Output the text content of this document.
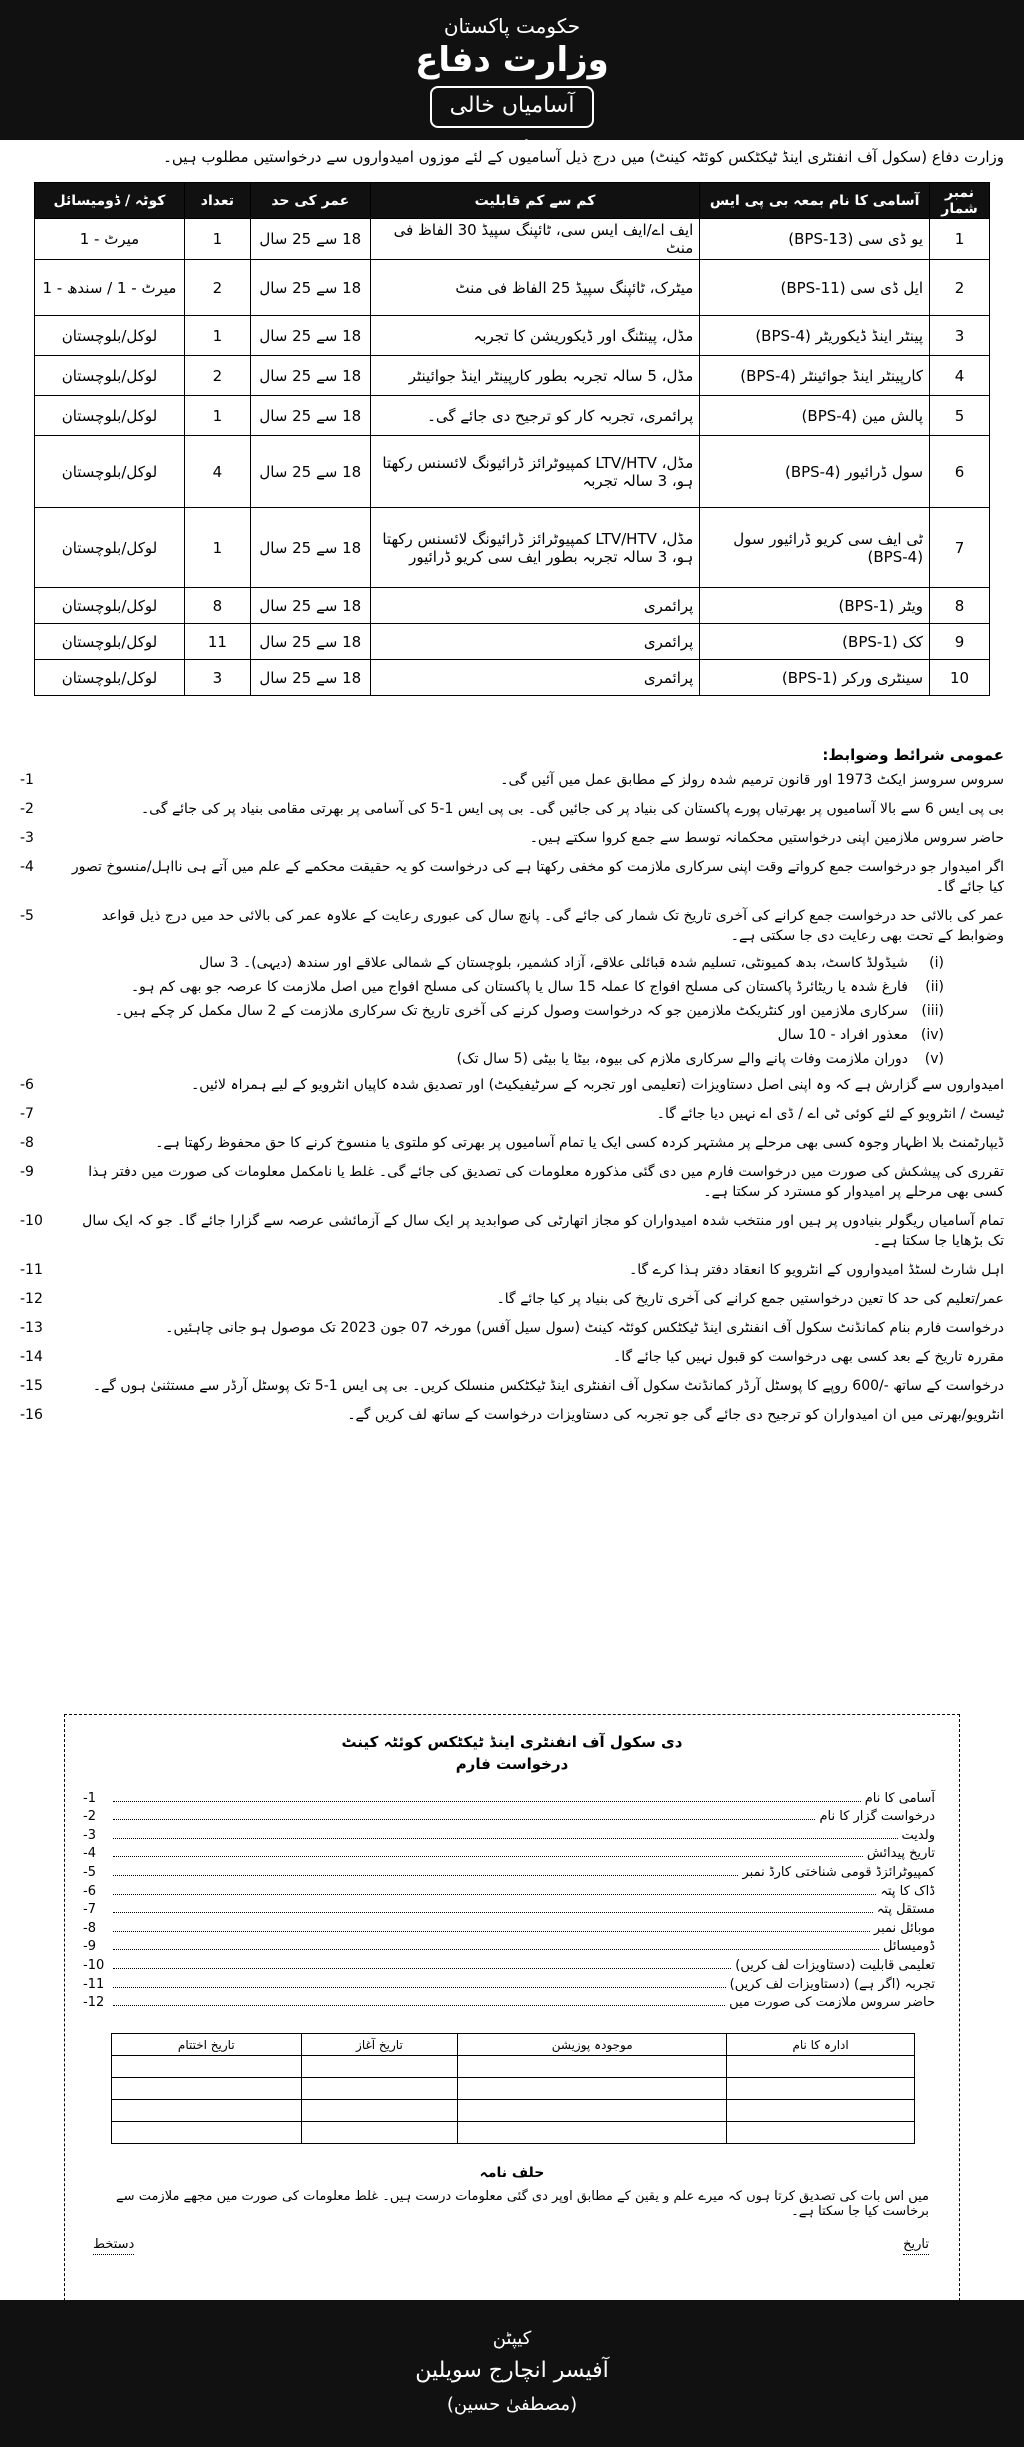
حکومت پاکستان
وزارت دفاع
آسامیاں خالی ہیں
وزارت دفاع (سکول آف انفنٹری اینڈ ٹیکٹکس کوئٹہ کینٹ) میں درج ذیل آسامیوں کے لئے موزوں امیدواروں سے درخواستیں مطلوب ہیں۔
نمبر شمار	آسامی کا نام بمعہ بی پی ایس	کم سے کم قابلیت	عمر کی حد	تعداد	کوٹہ / ڈومیسائل
1	یو ڈی سی (BPS-13)	ایف اے/ایف ایس سی، ٹائپنگ سپیڈ 30 الفاظ فی منٹ	18 سے 25 سال	1	میرٹ - 1
2	ایل ڈی سی (BPS-11)	میٹرک، ٹائپنگ سپیڈ 25 الفاظ فی منٹ	18 سے 25 سال	2	میرٹ - 1 / سندھ - 1
3	پینٹر اینڈ ڈیکوریٹر (BPS-4)	مڈل، پینٹنگ اور ڈیکوریشن کا تجربہ	18 سے 25 سال	1	لوکل/بلوچستان
4	کارپینٹر اینڈ جوائینٹر (BPS-4)	مڈل، 5 سالہ تجربہ بطور کارپینٹر اینڈ جوائینٹر	18 سے 25 سال	2	لوکل/بلوچستان
5	پالش مین (BPS-4)	پرائمری، تجربہ کار کو ترجیح دی جائے گی۔	18 سے 25 سال	1	لوکل/بلوچستان
6	سول ڈرائیور (BPS-4)	مڈل، LTV/HTV کمپیوٹرائز ڈرائیونگ لائسنس رکھتا ہو، 3 سالہ تجربہ	18 سے 25 سال	4	لوکل/بلوچستان
7	ٹی ایف سی کریو ڈرائیور سول (BPS-4)	مڈل، LTV/HTV کمپیوٹرائز ڈرائیونگ لائسنس رکھتا ہو، 3 سالہ تجربہ بطور ایف سی کریو ڈرائیور	18 سے 25 سال	1	لوکل/بلوچستان
8	ویٹر (BPS-1)	پرائمری	18 سے 25 سال	8	لوکل/بلوچستان
9	کک (BPS-1)	پرائمری	18 سے 25 سال	11	لوکل/بلوچستان
10	سینٹری ورکر (BPS-1)	پرائمری	18 سے 25 سال	3	لوکل/بلوچستان
عمومی شرائط وضوابط:
سروس سروسز ایکٹ 1973 اور قانون ترمیم شدہ رولز کے مطابق عمل میں آئیں گی۔
-1
بی پی ایس 6 سے بالا آسامیوں پر بھرتیاں پورے پاکستان کی بنیاد پر کی جائیں گی۔ بی پی ایس 1-5 کی آسامی پر بھرتی مقامی بنیاد پر کی جائے گی۔
-2
حاضر سروس ملازمین اپنی درخواستیں محکمانہ توسط سے جمع کروا سکتے ہیں۔
-3
اگر امیدوار جو درخواست جمع کرواتے وقت اپنی سرکاری ملازمت کو مخفی رکھتا ہے کی درخواست کو یہ حقیقت محکمے کے علم میں آتے ہی نااہل/منسوخ تصور کیا جائے گا۔
-4
عمر کی بالائی حد درخواست جمع کرانے کی آخری تاریخ تک شمار کی جائے گی۔ پانچ سال کی عبوری رعایت کے علاوہ عمر کی بالائی حد میں درج ذیل قواعد وضوابط کے تحت بھی رعایت دی جا سکتی ہے۔
-5
(i)
شیڈولڈ کاسٹ، بدھ کمیونٹی، تسلیم شدہ قبائلی علاقے، آزاد کشمیر، بلوچستان کے شمالی علاقے اور سندھ (دیہی)۔ 3 سال
(ii)
فارغ شدہ یا ریٹائرڈ پاکستان کی مسلح افواج کا عملہ 15 سال یا پاکستان کی مسلح افواج میں اصل ملازمت کا عرصہ جو بھی کم ہو۔
(iii)
سرکاری ملازمین اور کنٹریکٹ ملازمین جو کہ درخواست وصول کرنے کی آخری تاریخ تک سرکاری ملازمت کے 2 سال مکمل کر چکے ہیں۔
(iv)
معذور افراد - 10 سال
(v)
دوران ملازمت وفات پانے والے سرکاری ملازم کی بیوہ، بیٹا یا بیٹی (5 سال تک)
امیدواروں سے گزارش ہے کہ وہ اپنی اصل دستاویزات (تعلیمی اور تجربہ کے سرٹیفیکیٹ) اور تصدیق شدہ کاپیاں انٹرویو کے لیے ہمراہ لائیں۔
-6
ٹیسٹ / انٹرویو کے لئے کوئی ٹی اے / ڈی اے نہیں دیا جائے گا۔
-7
ڈیپارٹمنٹ بلا اظہار وجوہ کسی بھی مرحلے پر مشتہر کردہ کسی ایک یا تمام آسامیوں پر بھرتی کو ملتوی یا منسوخ کرنے کا حق محفوظ رکھتا ہے۔
-8
تقرری کی پیشکش کی صورت میں درخواست فارم میں دی گئی مذکورہ معلومات کی تصدیق کی جائے گی۔ غلط یا نامکمل معلومات کی صورت میں دفتر ہذا کسی بھی مرحلے پر امیدوار کو مسترد کر سکتا ہے۔
-9
تمام آسامیاں ریگولر بنیادوں پر ہیں اور منتخب شدہ امیدواران کو مجاز اتھارٹی کی صوابدید پر ایک سال کے آزمائشی عرصہ سے گزارا جائے گا۔ جو کہ ایک سال تک بڑھایا جا سکتا ہے۔
-10
اہل شارٹ لسٹڈ امیدواروں کے انٹرویو کا انعقاد دفتر ہذا کرے گا۔
-11
عمر/تعلیم کی حد کا تعین درخواستیں جمع کرانے کی آخری تاریخ کی بنیاد پر کیا جائے گا۔
-12
درخواست فارم بنام کمانڈنٹ سکول آف انفنٹری اینڈ ٹیکٹکس کوئٹہ کینٹ (سول سیل آفس) مورخہ 07 جون 2023 تک موصول ہو جانی چاہئیں۔
-13
مقررہ تاریخ کے بعد کسی بھی درخواست کو قبول نہیں کیا جائے گا۔
-14
درخواست کے ساتھ -/600 روپے کا پوسٹل آرڈر کمانڈنٹ سکول آف انفنٹری اینڈ ٹیکٹکس منسلک کریں۔ بی پی ایس 1-5 تک پوسٹل آرڈر سے مستثنیٰ ہوں گے۔
-15
انٹرویو/بھرتی میں ان امیدواران کو ترجیح دی جائے گی جو تجربہ کی دستاویزات درخواست کے ساتھ لف کریں گے۔
-16
دی سکول آف انفنٹری اینڈ ٹیکٹکس کوئٹہ کینٹ
درخواست فارم
آسامی کا نام
-1
درخواست گزار کا نام
-2
ولدیت
-3
تاریخ پیدائش
-4
کمپیوٹرائزڈ قومی شناختی کارڈ نمبر
-5
ڈاک کا پتہ
-6
مستقل پتہ
-7
موبائل نمبر
-8
ڈومیسائل
-9
تعلیمی قابلیت (دستاویزات لف کریں)
-10
تجربہ (اگر ہے) (دستاویزات لف کریں)
-11
حاضر سروس ملازمت کی صورت میں
-12
ادارہ کا نام	موجودہ پوزیشن	تاریخ آغاز	تاریخ اختتام

حلف نامہ
میں اس بات کی تصدیق کرتا ہوں کہ میرے علم و یقین کے مطابق اوپر دی گئی معلومات درست ہیں۔ غلط معلومات کی صورت میں مجھے ملازمت سے برخاست کیا جا سکتا ہے۔
تاریخ
دستخط
کیپٹن
آفیسر انچارج سویلین
(مصطفیٰ حسین)
